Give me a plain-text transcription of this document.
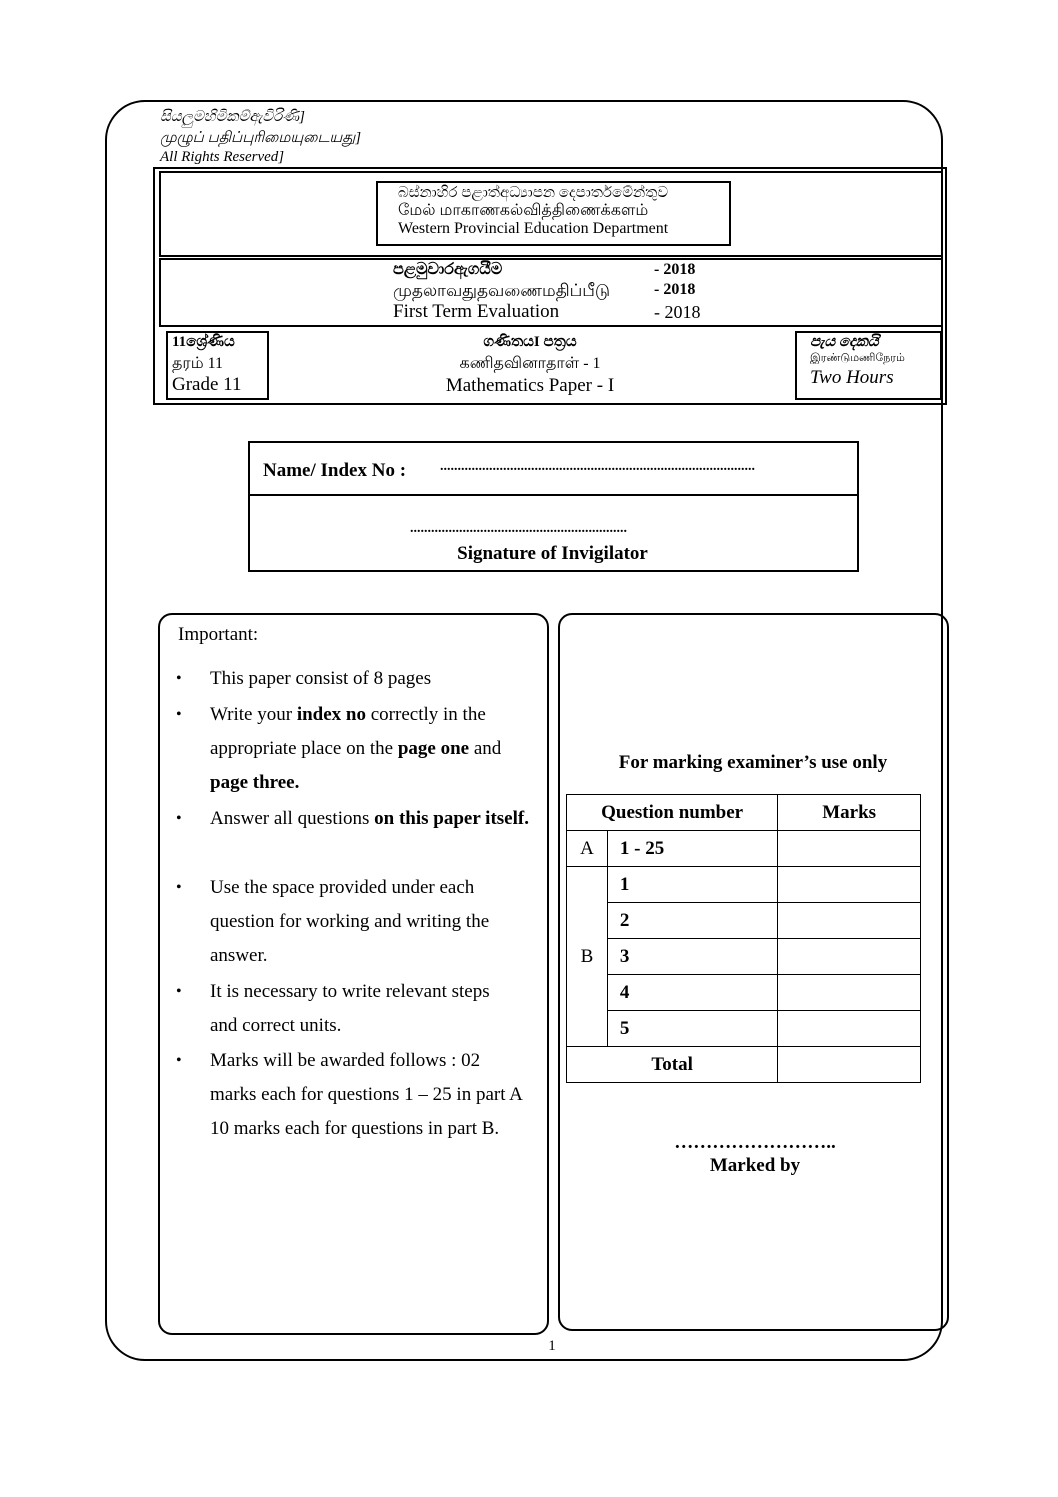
සියලුමහිමිකම්ඇවිරිණි]
முழுப் பதிப்புரிமையுடையது]
All Rights Reserved]
බස්නාහිර පළාත්අධ්‍යාපන දෙපාර්තමේන්තුව
மேல் மாகாணகல்வித்திணைக்களம்
Western Provincial Education Department
පළමුවාරඇගයීම
முதலாவதுதவணைமதிப்பீடு
First Term Evaluation
- 2018
- 2018
- 2018
11ශ්‍රේණිය
தரம் 11
Grade 11
ගණිතයI පත්‍රය
கணிதவினாதாள் - 1
Mathematics Paper - I
පැය දෙකයි
இரண்டுமணிநேரம்
Two Hours
Name/ Index No : ..........................................................................................
..............................................................
Signature of Invigilator
Important:
• This paper consist of 8 pages
• Write your index no correctly in the appropriate place on the page one and page three.
• Answer all questions on this paper itself.
• Use the space provided under each question for working and writing the answer.
• It is necessary to write relevant steps and correct units.
• Marks will be awarded follows : 02 marks each for questions 1 – 25 in part A 10 marks each for questions in part B.
For marking examiner’s use only
Question number		Marks
A	1 - 25	
B	1	
	2	
	3	
	4	
	5	
Total		
……………………..
Marked by
1
